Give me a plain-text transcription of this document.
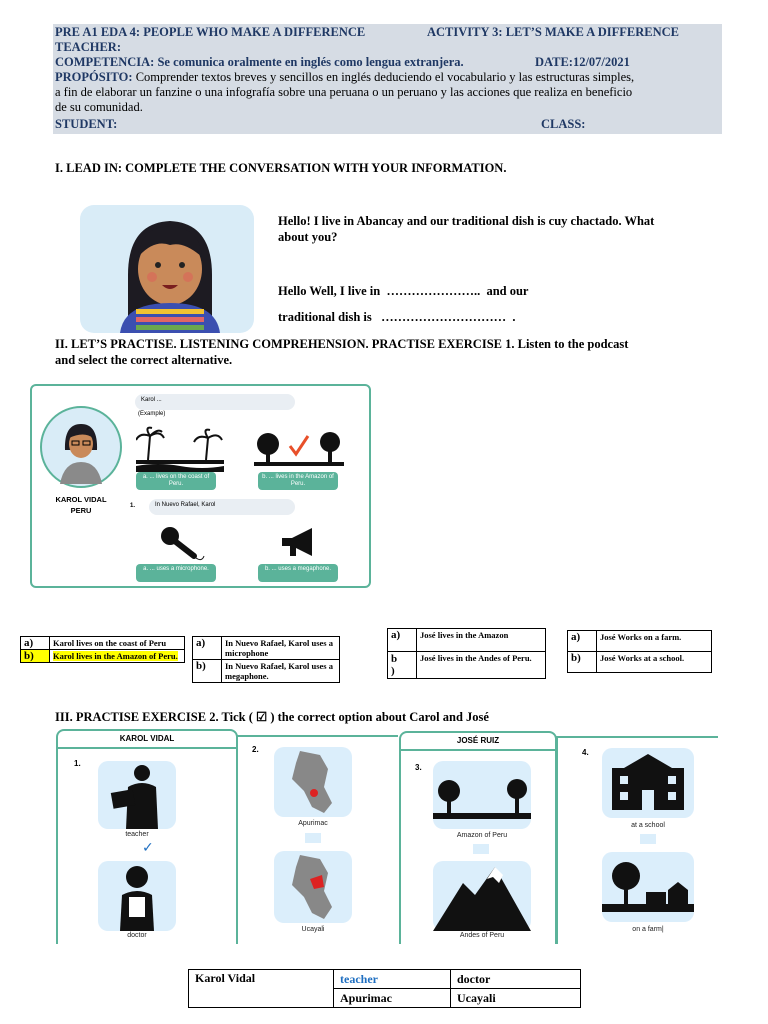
PRE A1 EDA 4: PEOPLE WHO MAKE A DIFFERENCE	ACTIVITY 3: LET’S MAKE A DIFFERENCE
TEACHER:
COMPETENCIA: Se comunica oralmente en inglés como lengua extranjera.	DATE:12/07/2021
PROPÓSITO: Comprender textos breves y sencillos en inglés deduciendo el vocabulario y las estructuras simples,
a fin de elaborar un fanzine o una infografía sobre una peruana o un peruano y las acciones que realiza en beneficio
de su comunidad.
STUDENT:	CLASS:
I. LEAD IN: COMPLETE THE CONVERSATION WITH YOUR INFORMATION.
Hello! I live in Abancay and our traditional dish is cuy chactado. What
about you?
Hello Well, I live in  …………………..  and our
traditional dish is   …………………………  .
II. LET’S PRACTISE. LISTENING COMPREHENSION. PRACTISE EXERCISE 1. Listen to the podcast
and select the correct alternative.
KAROL VIDAL
PERU
Karol ...
(Example)
a. ... lives on the coast of Peru.
b. ... lives in the Amazon of Peru.
1.	In Nuevo Rafael, Karol
a. ... uses a microphone.	b. ... uses a megaphone.
a)	Karol lives on the coast of Peru
b)	Karol lives in the Amazon of Peru.
a)	In Nuevo Rafael, Karol uses a microphone
b)	In Nuevo Rafael, Karol uses a megaphone.
a)	José lives in the Amazon

b
)	José lives in the Andes of Peru.
a)	José Works on a farm.
b)	José Works at a school.
III. PRACTISE EXERCISE 2. Tick ( ☑ ) the correct option about Carol and José
KAROL VIDAL
1.
teacher
✓
doctor
2.
Apurimac
Ucayali
JOSÉ RUIZ
3.
Amazon of Peru
Andes of Peru
4.
at a school
on a farm|
Karol Vidal	teacher	doctor
	Apurimac	Ucayali
